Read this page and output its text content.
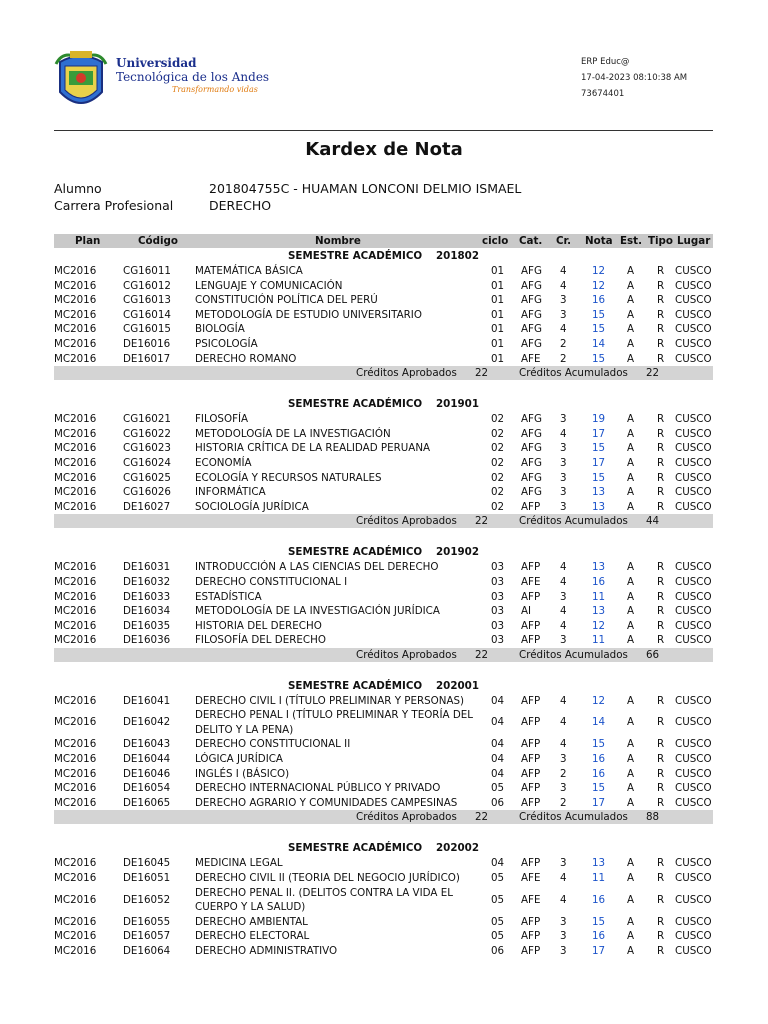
Universidad
Tecnológica de los Andes
Transformando vidas
ERP Educ@
17-04-2023 08:10:38 AM
73674401
Kardex de Nota
Alumno	201804755C - HUAMAN LONCONI DELMIO ISMAEL
Carrera Profesional	DERECHO
Plan	Código	Nombre	ciclo Cat. Cr. Nota Est. Tipo Lugar
SEMESTRE ACADÉMICO 201802
MC2016	CG16011 MATEMÁTICA BÁSICA	01 AFG 4 12 A R CUSCO
MC2016	CG16012 LENGUAJE Y COMUNICACIÓN	01 AFG 4 12 A R CUSCO
MC2016	CG16013 CONSTITUCIÓN POLÍTICA DEL PERÚ	01 AFG 3 16 A R CUSCO
MC2016	CG16014 METODOLOGÍA DE ESTUDIO UNIVERSITARIO	01 AFG 3 15 A R CUSCO
MC2016	CG16015 BIOLOGÍA	01 AFG 4 15 A R CUSCO
MC2016	DE16016 PSICOLOGÍA	01 AFG 2 14 A R CUSCO
MC2016	DE16017 DERECHO ROMANO	01 AFE 2 15 A R CUSCO
Créditos Aprobados 22	Créditos Acumulados 22
SEMESTRE ACADÉMICO 201901
MC2016	CG16021 FILOSOFÍA	02 AFG 3 19 A R CUSCO
MC2016	CG16022 METODOLOGÍA DE LA INVESTIGACIÓN	02 AFG 4 17 A R CUSCO
MC2016	CG16023 HISTORIA CRÍTICA DE LA REALIDAD PERUANA	02 AFG 3 15 A R CUSCO
MC2016	CG16024 ECONOMÍA	02 AFG 3 17 A R CUSCO
MC2016	CG16025 ECOLOGÍA Y RECURSOS NATURALES	02 AFG 3 15 A R CUSCO
MC2016	CG16026 INFORMÁTICA	02 AFG 3 13 A R CUSCO
MC2016	DE16027 SOCIOLOGÍA JURÍDICA	02 AFP 3 13 A R CUSCO
Créditos Aprobados 22	Créditos Acumulados 44
SEMESTRE ACADÉMICO 201902
MC2016	DE16031 INTRODUCCIÓN A LAS CIENCIAS DEL DERECHO	03 AFP 4 13 A R CUSCO
MC2016	DE16032 DERECHO CONSTITUCIONAL I	03 AFE 4 16 A R CUSCO
MC2016	DE16033 ESTADÍSTICA	03 AFP 3 11 A R CUSCO
MC2016	DE16034 METODOLOGÍA DE LA INVESTIGACIÓN JURÍDICA	03 AI	4 13 A R CUSCO
MC2016	DE16035 HISTORIA DEL DERECHO	03 AFP 4 12 A R CUSCO
MC2016	DE16036 FILOSOFÍA DEL DERECHO	03 AFP 3 11 A R CUSCO
Créditos Aprobados 22	Créditos Acumulados 66
SEMESTRE ACADÉMICO 202001
MC2016	DE16041 DERECHO CIVIL I (TÍTULO PRELIMINAR Y PERSONAS)	04 AFP 4 12 A R CUSCO
MC2016	DE16042
DERECHO PENAL I (TÍTULO PRELIMINAR Y TEORÍA DEL DELITO Y LA PENA)
04 AFP 4 14 A R CUSCO
MC2016	DE16043 DERECHO CONSTITUCIONAL II	04 AFP 4 15 A R CUSCO
MC2016	DE16044 LÓGICA JURÍDICA	04 AFP 3 16 A R CUSCO
MC2016	DE16046 INGLÉS I (BÁSICO)	04 AFP 2 16 A R CUSCO
MC2016	DE16054 DERECHO INTERNACIONAL PÚBLICO Y PRIVADO	05 AFP 3 15 A R CUSCO
MC2016	DE16065 DERECHO AGRARIO Y COMUNIDADES CAMPESINAS	06 AFP 2 17 A R CUSCO
Créditos Aprobados 22	Créditos Acumulados 88
SEMESTRE ACADÉMICO 202002
MC2016	DE16045 MEDICINA LEGAL	04 AFP 3 13 A R CUSCO
MC2016	DE16051 DERECHO CIVIL II (TEORIA DEL NEGOCIO JURÍDICO)	05 AFE 4 11 A R CUSCO
MC2016	DE16052
DERECHO PENAL II. (DELITOS CONTRA LA VIDA EL CUERPO Y LA SALUD)
05 AFE 4 16 A R CUSCO
MC2016	DE16055 DERECHO AMBIENTAL	05 AFP 3 15 A R CUSCO
MC2016	DE16057 DERECHO ELECTORAL	05 AFP 3 16 A R CUSCO
MC2016	DE16064 DERECHO ADMINISTRATIVO	06 AFP 3 17 A R CUSCO
